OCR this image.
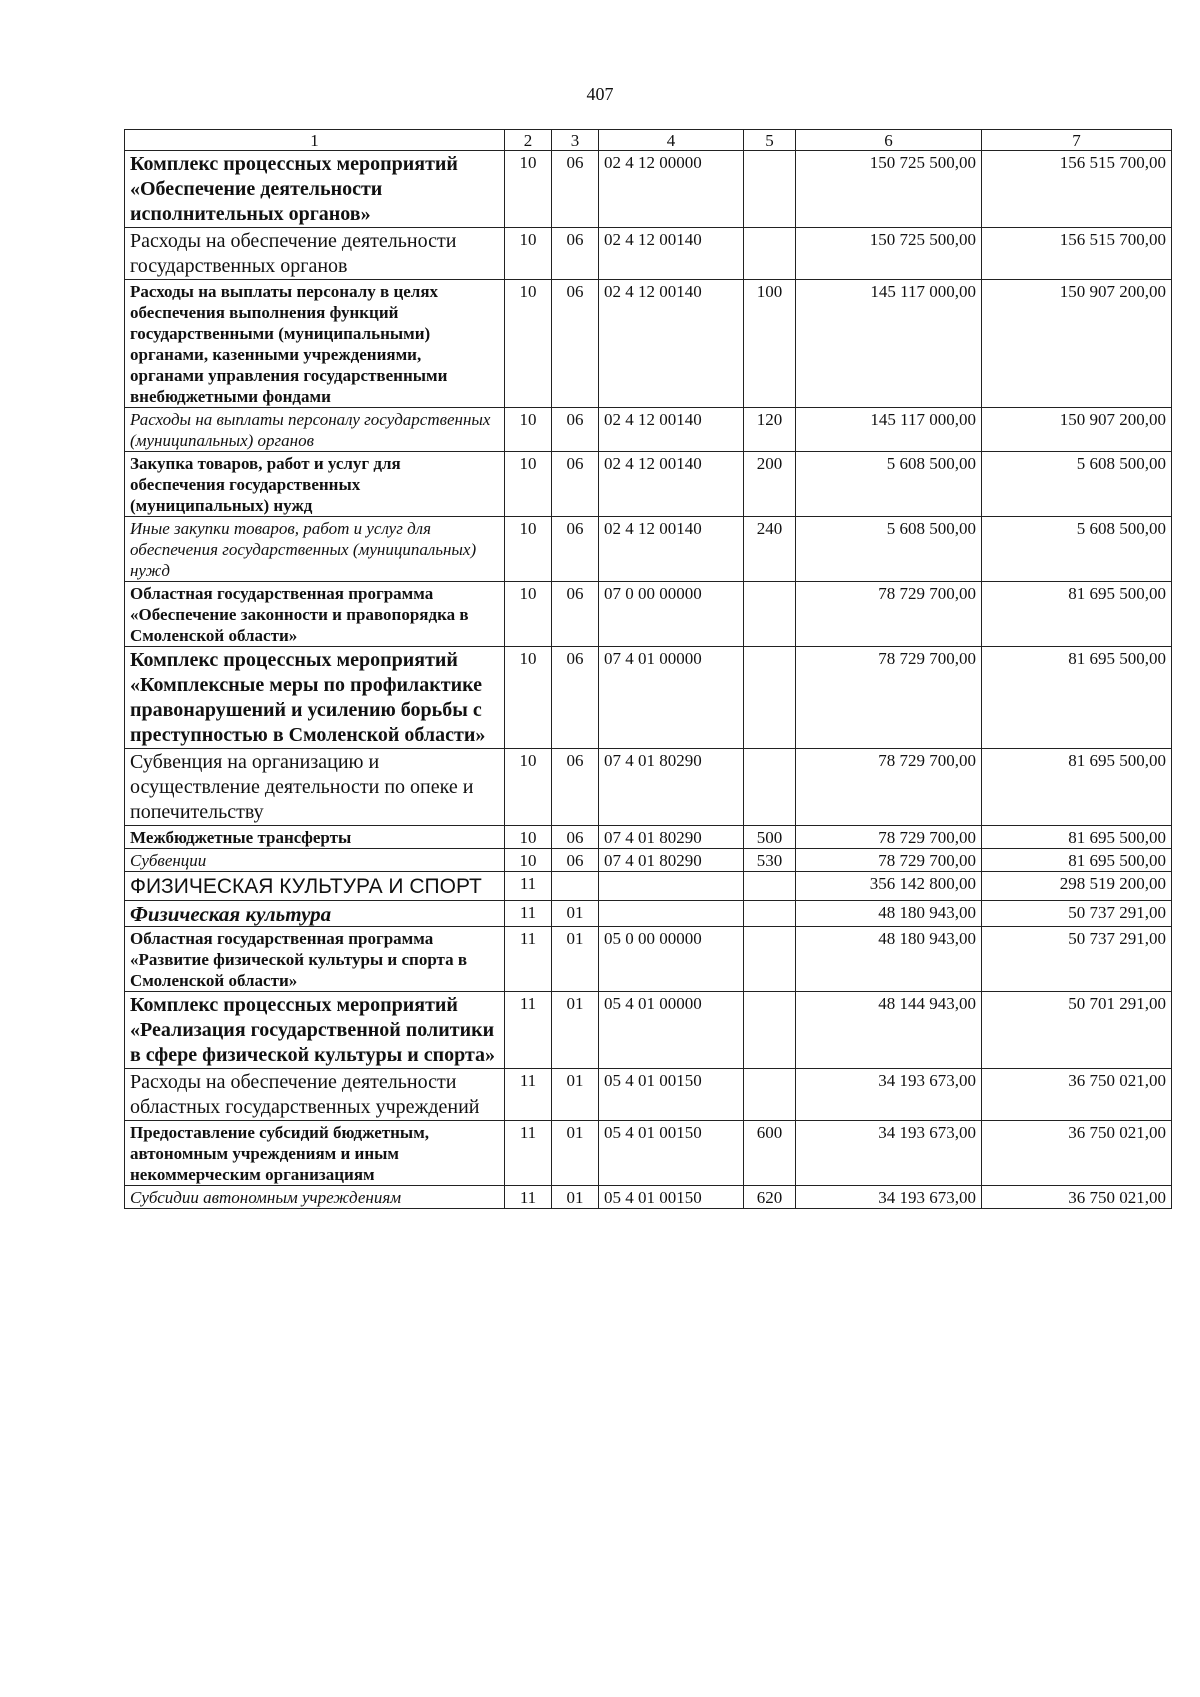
407
1	2	3	4	5	6	7
Комплекс процессных мероприятий «Обеспечение деятельности исполнительных органов»	10	06	02 4 12 00000		150 725 500,00	156 515 700,00
Расходы на обеспечение деятельности государственных органов	10	06	02 4 12 00140		150 725 500,00	156 515 700,00
Расходы на выплаты персоналу в целях обеспечения выполнения функций государственными (муниципальными) органами, казенными учреждениями, органами управления государственными внебюджетными фондами	10	06	02 4 12 00140	100	145 117 000,00	150 907 200,00
Расходы на выплаты персоналу государственных (муниципальных) органов	10	06	02 4 12 00140	120	145 117 000,00	150 907 200,00
Закупка товаров, работ и услуг для обеспечения государственных (муниципальных) нужд	10	06	02 4 12 00140	200	5 608 500,00	5 608 500,00
Иные закупки товаров, работ и услуг для обеспечения государственных (муниципальных) нужд	10	06	02 4 12 00140	240	5 608 500,00	5 608 500,00
Областная государственная программа «Обеспечение законности и правопорядка в Смоленской области»	10	06	07 0 00 00000		78 729 700,00	81 695 500,00
Комплекс процессных мероприятий «Комплексные меры по профилактике правонарушений и усилению борьбы с преступностью в Смоленской области»	10	06	07 4 01 00000		78 729 700,00	81 695 500,00
Субвенция на организацию и осуществление деятельности по опеке и попечительству	10	06	07 4 01 80290		78 729 700,00	81 695 500,00
Межбюджетные трансферты	10	06	07 4 01 80290	500	78 729 700,00	81 695 500,00
Субвенции	10	06	07 4 01 80290	530	78 729 700,00	81 695 500,00
ФИЗИЧЕСКАЯ КУЛЬТУРА И СПОРТ	11				356 142 800,00	298 519 200,00
Физическая культура	11	01			48 180 943,00	50 737 291,00
Областная государственная программа «Развитие физической культуры и спорта в Смоленской области»	11	01	05 0 00 00000		48 180 943,00	50 737 291,00
Комплекс процессных мероприятий «Реализация государственной политики в сфере физической культуры и спорта»	11	01	05 4 01 00000		48 144 943,00	50 701 291,00
Расходы на обеспечение деятельности областных государственных учреждений	11	01	05 4 01 00150		34 193 673,00	36 750 021,00
Предоставление субсидий бюджетным, автономным учреждениям и иным некоммерческим организациям	11	01	05 4 01 00150	600	34 193 673,00	36 750 021,00
Субсидии автономным учреждениям	11	01	05 4 01 00150	620	34 193 673,00	36 750 021,00
